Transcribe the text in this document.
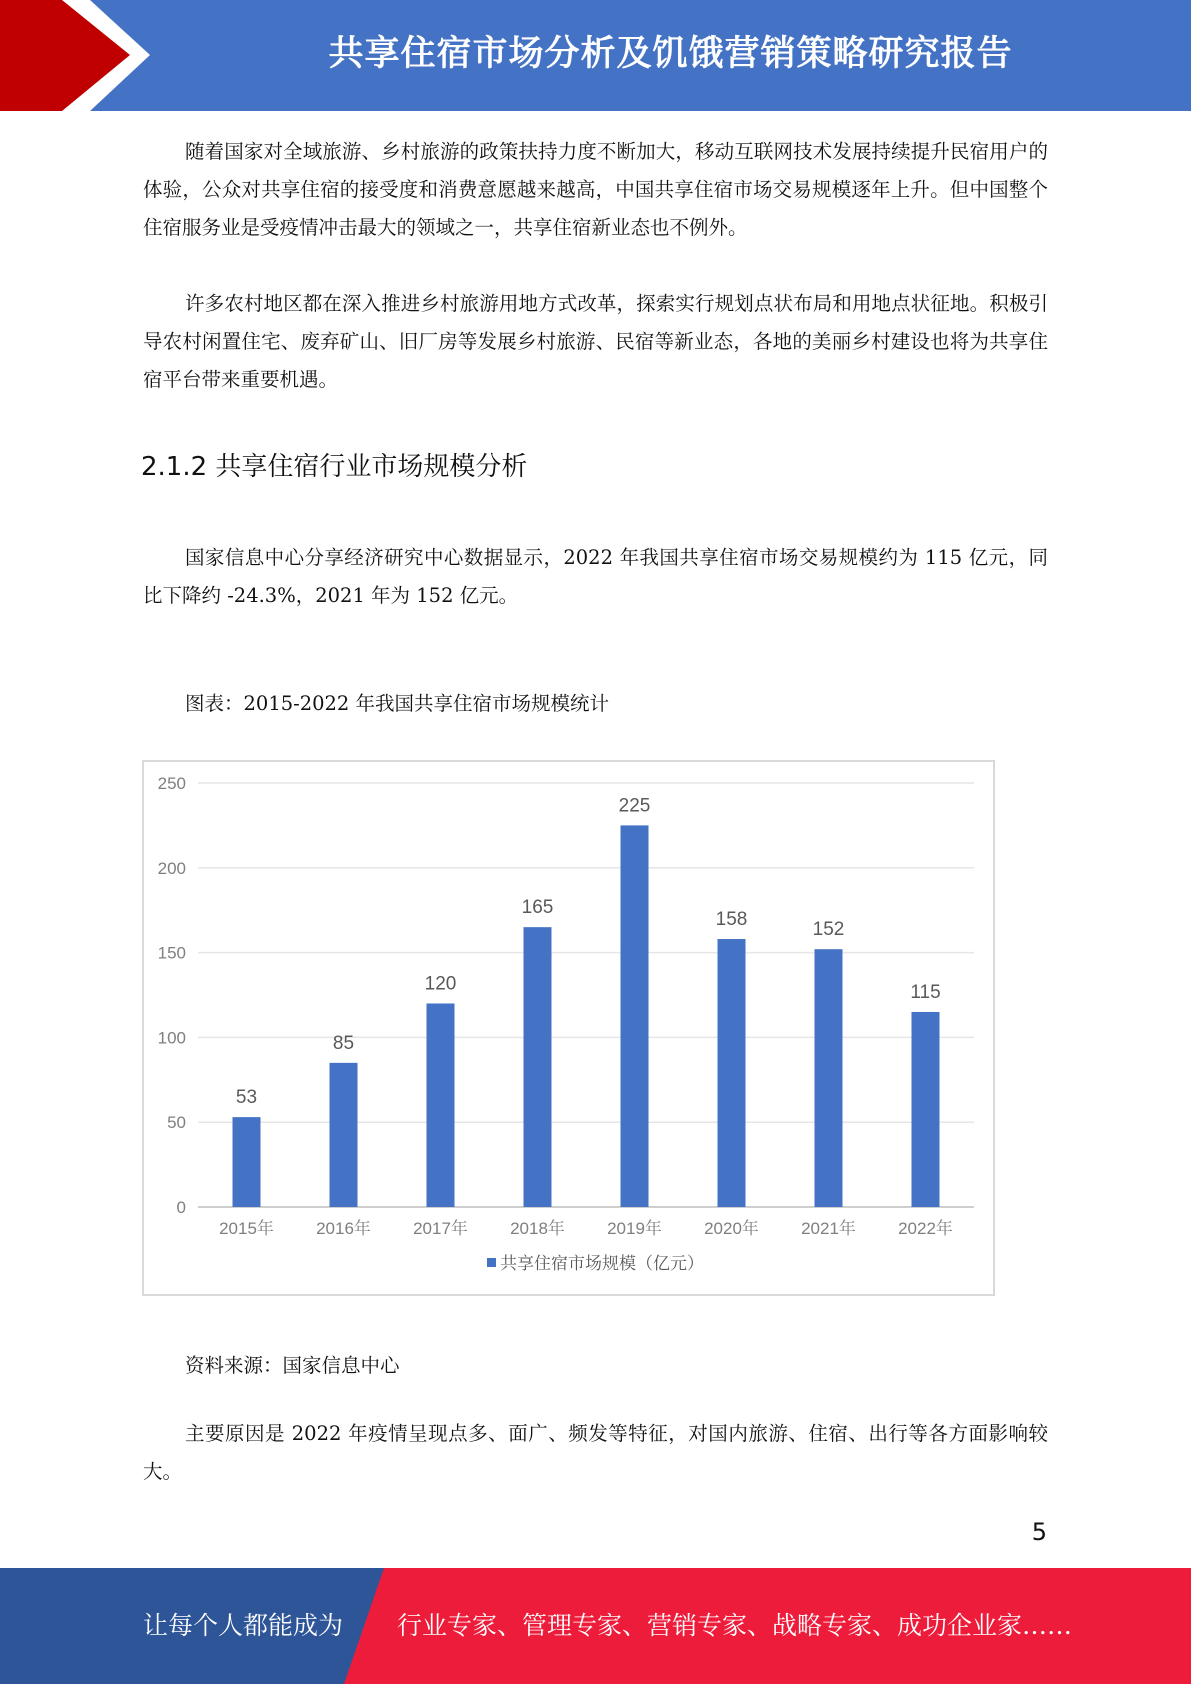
共享住宿市场分析及饥饿营销策略研究报告

随着国家对全域旅游、乡村旅游的政策扶持力度不断加大，移动互联网技术发展持续提升民宿用户的体验，公众对共享住宿的接受度和消费意愿越来越高，中国共享住宿市场交易规模逐年上升。但中国整个住宿服务业是受疫情冲击最大的领域之一，共享住宿新业态也不例外。

许多农村地区都在深入推进乡村旅游用地方式改革，探索实行规划点状布局和用地点状征地。积极引导农村闲置住宅、废弃矿山、旧厂房等发展乡村旅游、民宿等新业态，各地的美丽乡村建设也将为共享住宿平台带来重要机遇。

2.1.2 共享住宿行业市场规模分析

国家信息中心分享经济研究中心数据显示，2022 年我国共享住宿市场交易规模约为 115 亿元，同比下降约 -24.3%，2021 年为 152 亿元。

图表：2015-2022 年我国共享住宿市场规模统计

0
50
100
150
200
250
53
2015年
85
2016年
120
2017年
165
2018年
225
2019年
158
2020年
152
2021年
115
2022年
共享住宿市场规模（亿元）

资料来源：国家信息中心

主要原因是 2022 年疫情呈现点多、面广、频发等特征，对国内旅游、住宿、出行等各方面影响较大。

5
让每个人都能成为 行业专家、管理专家、营销专家、战略专家、成功企业家……
